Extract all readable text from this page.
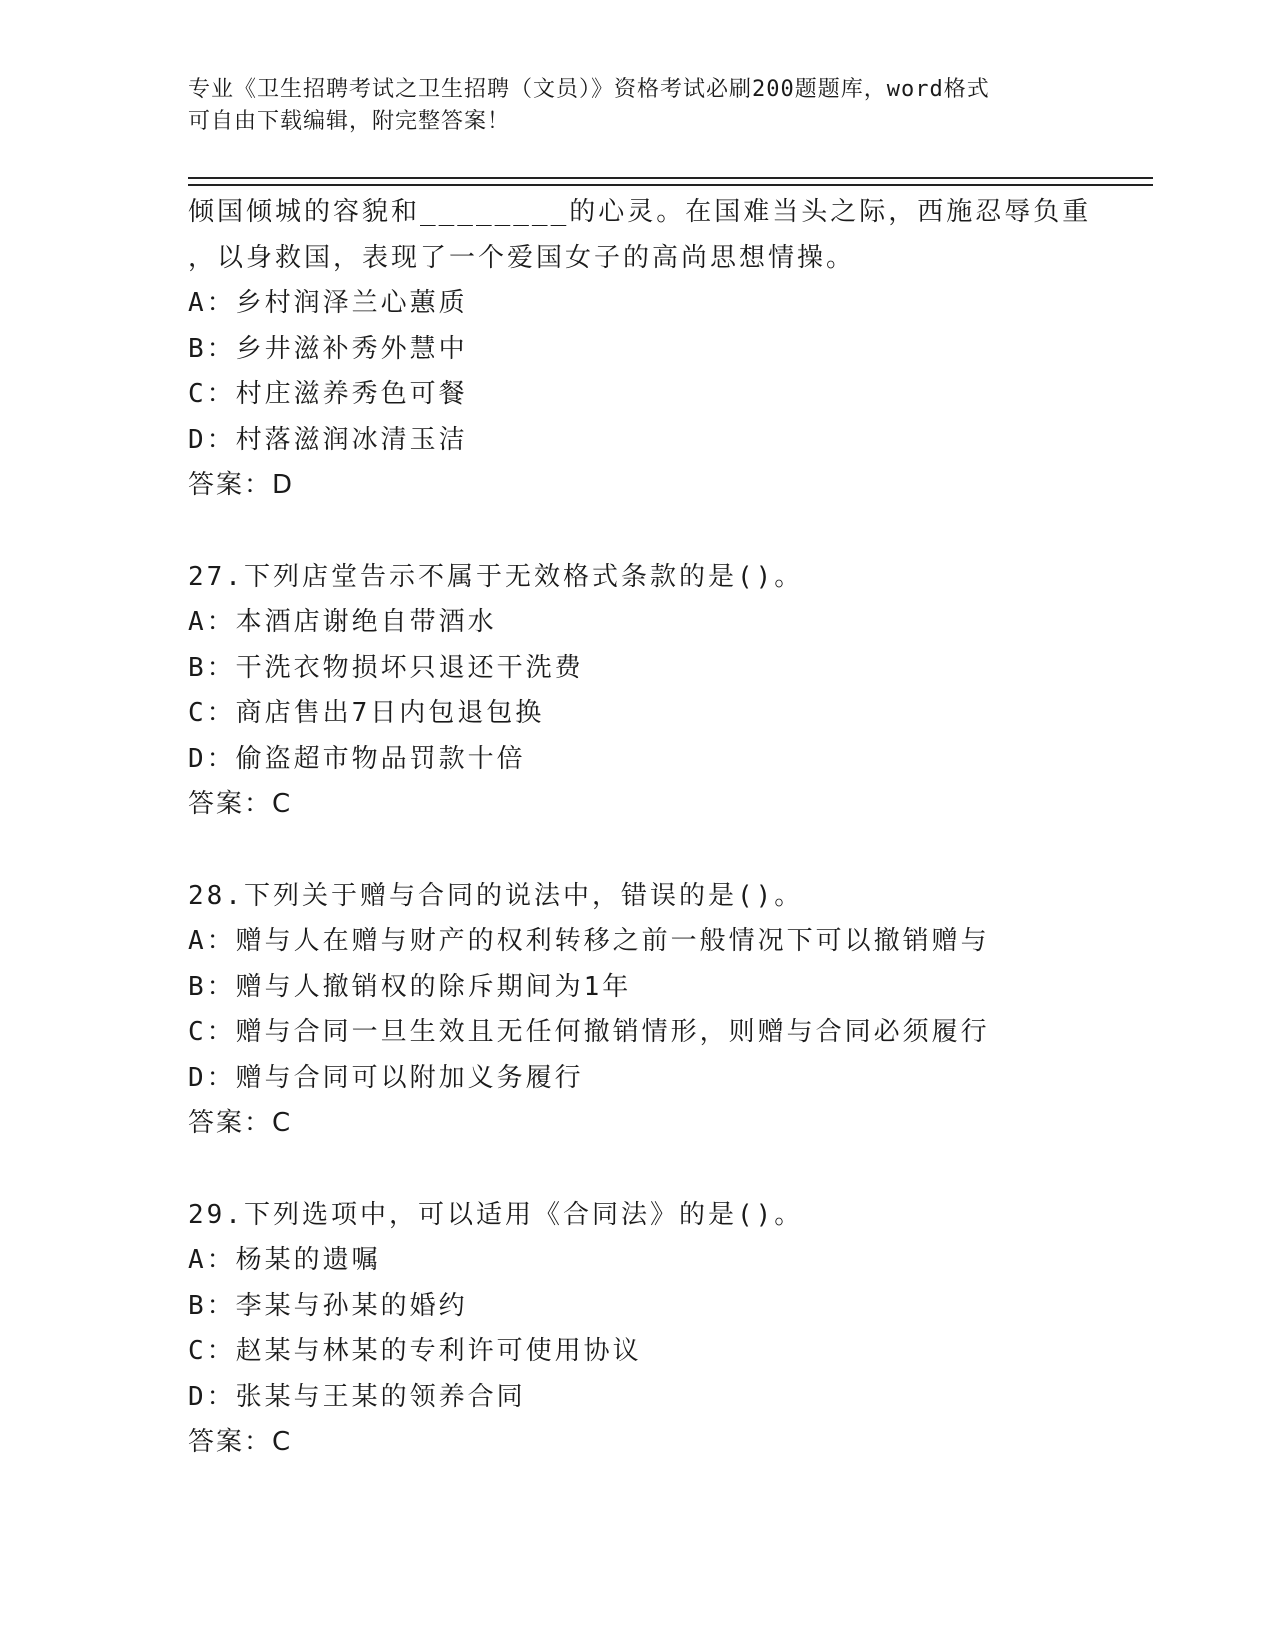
专业《卫生招聘考试之卫生招聘（文员）》资格考试必刷200题题库，word格式
可自由下载编辑，附完整答案！
倾国倾城的容貌和________的心灵。在国难当头之际，西施忍辱负重
，以身救国，表现了一个爱国女子的高尚思想情操。
A：乡村润泽兰心蕙质
B：乡井滋补秀外慧中
C：村庄滋养秀色可餐
D：村落滋润冰清玉洁
答案：D
27.下列店堂告示不属于无效格式条款的是()。
A：本酒店谢绝自带酒水
B：干洗衣物损坏只退还干洗费
C：商店售出7日内包退包换
D：偷盗超市物品罚款十倍
答案：C
28.下列关于赠与合同的说法中，错误的是()。
A：赠与人在赠与财产的权利转移之前一般情况下可以撤销赠与
B：赠与人撤销权的除斥期间为1年
C：赠与合同一旦生效且无任何撤销情形，则赠与合同必须履行
D：赠与合同可以附加义务履行
答案：C
29.下列选项中，可以适用《合同法》的是()。
A：杨某的遗嘱
B：李某与孙某的婚约
C：赵某与林某的专利许可使用协议
D：张某与王某的领养合同
答案：C
